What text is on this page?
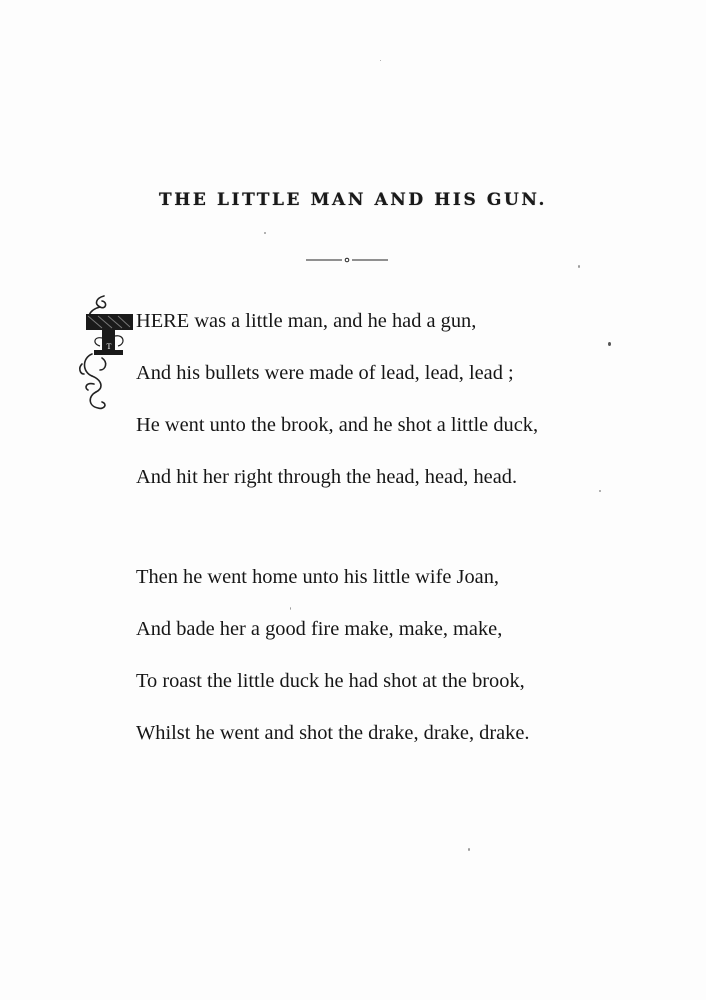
THE LITTLE MAN AND HIS GUN.
T

HERE was a little man, and he had a gun,

And his bullets were made of lead, lead, lead ;

He went unto the brook, and he shot a little duck,

And hit her right through the head, head, head.

Then he went home unto his little wife Joan,

And bade her a good fire make, make, make,

To roast the little duck he had shot at the brook,

Whilst he went and shot the drake, drake, drake.
